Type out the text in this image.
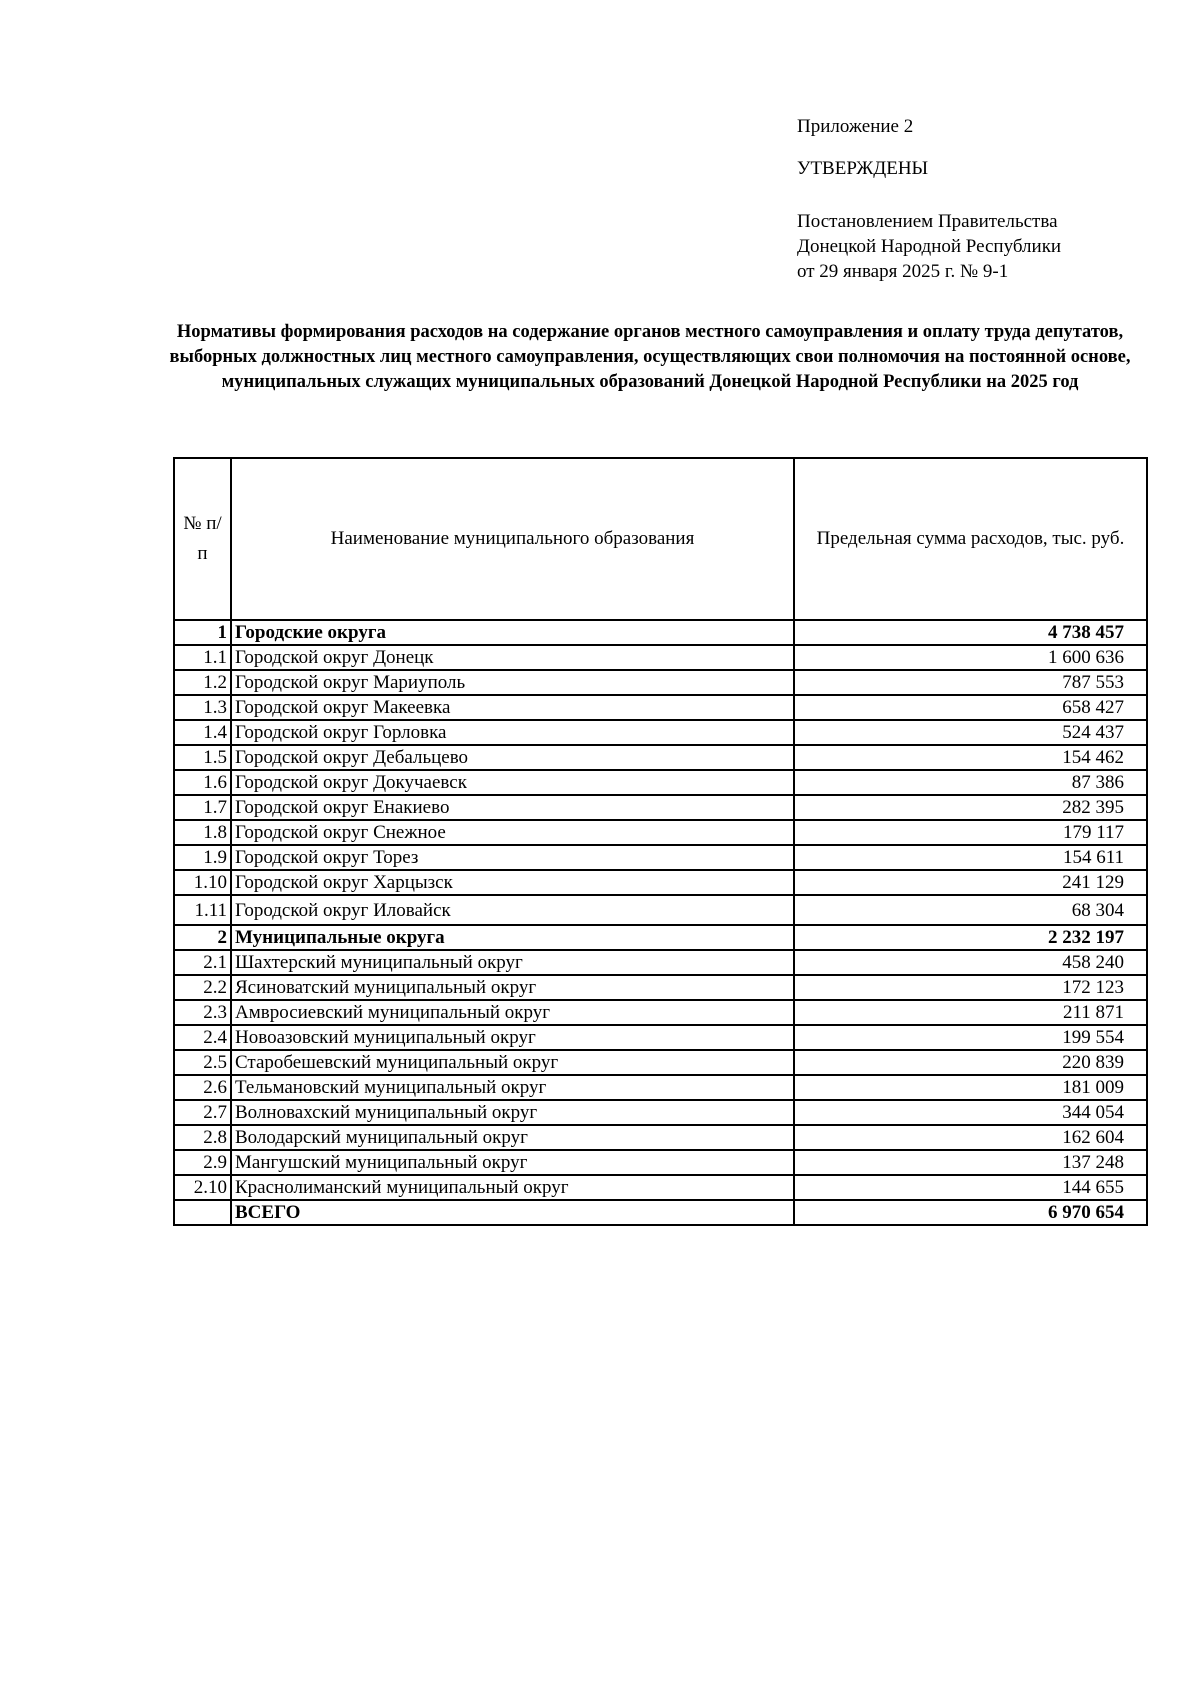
Приложение 2
УТВЕРЖДЕНЫ
Постановлением Правительства
Донецкой Народной Республики
от 29 января 2025 г. № 9-1
Нормативы формирования расходов на содержание органов местного самоуправления и оплату труда депутатов, выборных должностных лиц местного самоуправления, осуществляющих свои полномочия на постоянной основе, муниципальных служащих муниципальных образований Донецкой Народной Республики на 2025 год
№ п/п	Наименование муниципального образования	Предельная сумма расходов, тыс. руб.
1	Городские округа	4 738 457
1.1	Городской округ Донецк	1 600 636
1.2	Городской округ Мариуполь	787 553
1.3	Городской округ Макеевка	658 427
1.4	Городской округ Горловка	524 437
1.5	Городской округ Дебальцево	154 462
1.6	Городской округ Докучаевск	87 386
1.7	Городской округ Енакиево	282 395
1.8	Городской округ Снежное	179 117
1.9	Городской округ Торез	154 611
1.10	Городской округ Харцызск	241 129
1.11	Городской округ Иловайск	68 304
2	Муниципальные округа	2 232 197
2.1	Шахтерский муниципальный округ	458 240
2.2	Ясиноватский муниципальный округ	172 123
2.3	Амвросиевский муниципальный округ	211 871
2.4	Новоазовский муниципальный округ	199 554
2.5	Старобешевский муниципальный округ	220 839
2.6	Тельмановский муниципальный округ	181 009
2.7	Волновахский муниципальный округ	344 054
2.8	Володарский муниципальный округ	162 604
2.9	Мангушский муниципальный округ	137 248
2.10	Краснолиманский муниципальный округ	144 655
	ВСЕГО	6 970 654
